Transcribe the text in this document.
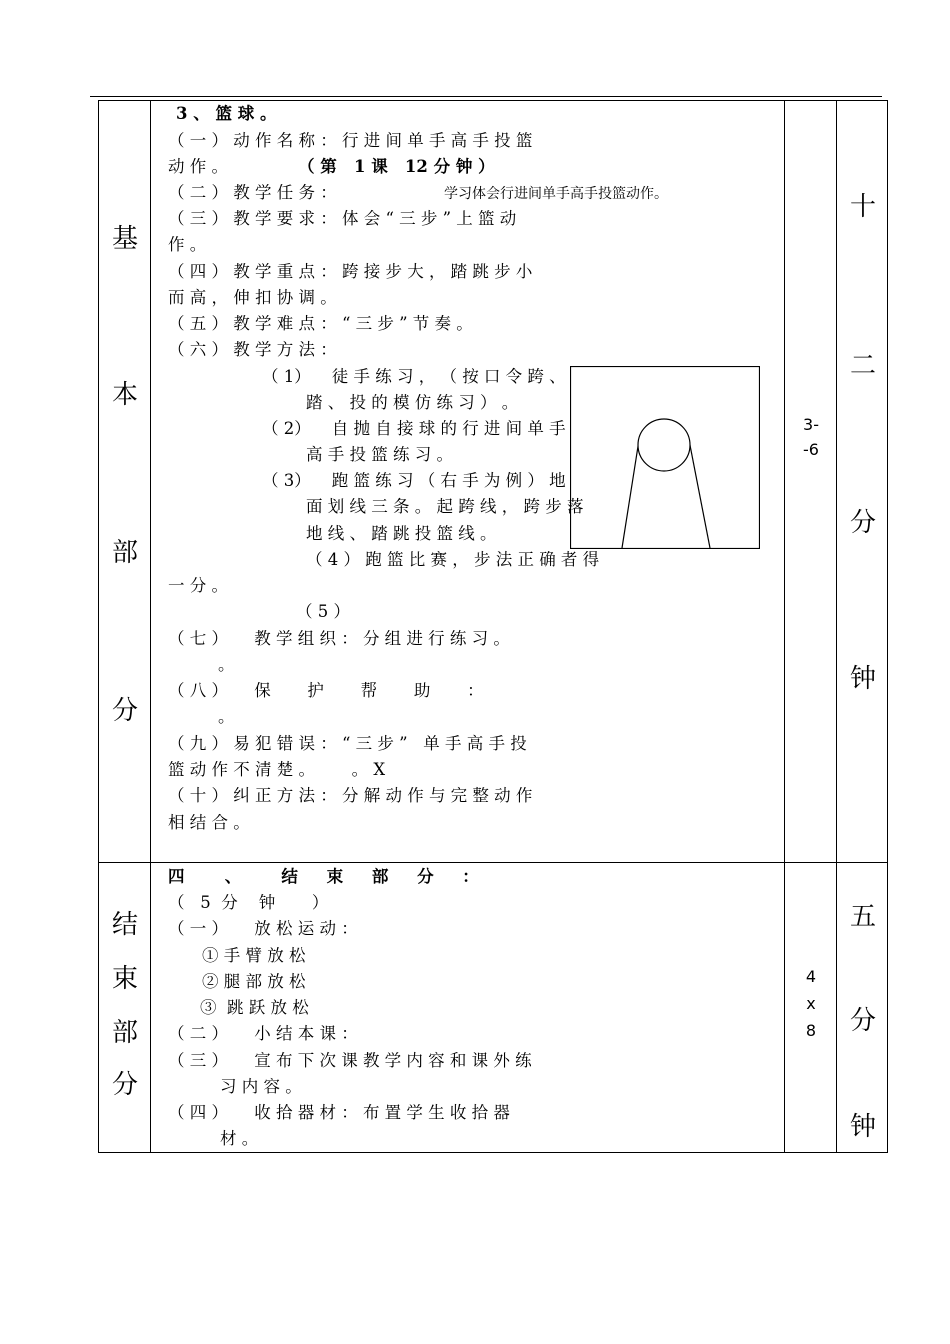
基
本
部
分
结
束
部
分
十
二
分
钟
五
分
钟
3-
-6
4
x
8
3 、 篮 球 。
（ 一 ） 动 作 名 称 ： 行 进 间 单 手 高 手 投 篮
动 作 。	（ 第   1 课   12 分 钟 ）
（ 二 ） 教 学 任 务 ：	学习体会行进间单手高手投篮动作。
（ 三 ） 教 学 要 求 ： 体 会 “ 三 步 ” 上 篮 动
作 。
（ 四 ） 教 学 重 点 ： 跨 接 步 大 ， 踏 跳 步 小
而 高 ， 伸 扣 协 调 。
（ 五 ） 教 学 难 点 ： “ 三 步 ” 节 奏 。
（ 六 ） 教 学 方 法 ：
（ 1）    徒 手 练 习 ， （ 按 口 令 跨 、
踏 、 投 的 模 仿 练 习 ） 。
（ 2）    自 抛 自 接 球 的 行 进 间 单 手
高 手 投 篮 练 习 。
（ 3）    跑 篮 练 习 （ 右 手 为 例 ） 地
面 划 线 三 条 。 起 跨 线 ， 跨 步 落
地 线 、 踏 跳 投 篮 线 。
（ 4 ） 跑 篮 比 赛 ， 步 法 正 确 者 得
一 分 。
（ 5 ）
（ 七 ）     教 学 组 织 ： 分 组 进 行 练 习 。
。
（ 八 ）     保       护       帮       助       ：
。
（ 九 ） 易 犯 错 误 ： “ 三 步 ”   单 手 高 手 投
篮 动 作 不 清 楚 。       。 X
（ 十 ） 纠 正 方 法 ： 分 解 动 作 与 完 整 动 作
相 结 合 。
四       、       结     束     部     分     ：
（   5  分    钟       ）
（ 一 ）     放 松 运 动 ：
① 手 臂 放 松
② 腿 部 放 松
③  跳 跃 放 松
（ 二 ）     小 结 本 课 ：
（ 三 ）     宣 布 下 次 课 教 学 内 容 和 课 外 练
习 内 容 。
（ 四 ）     收 拾 器 材 ： 布 置 学 生 收 拾 器
材 。
